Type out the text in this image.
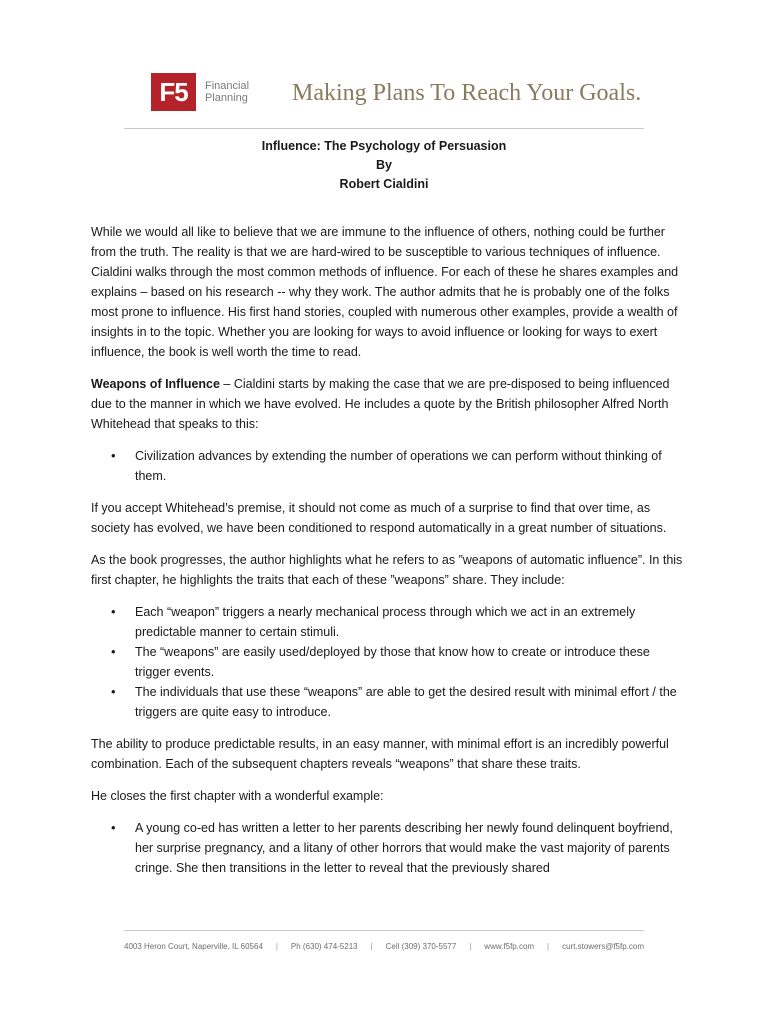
F5	Financial
Planning	Making Plans To Reach Your Goals.
Influence: The Psychology of Persuasion
By
Robert Cialdini

While we would all like to believe that we are immune to the influence of others, nothing could be further from the truth. The reality is that we are hard-wired to be susceptible to various techniques of influence. Cialdini walks through the most common methods of influence. For each of these he shares examples and explains – based on his research -- why they work. The author admits that he is probably one of the folks most prone to influence. His first hand stories, coupled with numerous other examples, provide a wealth of insights in to the topic. Whether you are looking for ways to avoid influence or looking for ways to exert influence, the book is well worth the time to read.

Weapons of Influence – Cialdini starts by making the case that we are pre-disposed to being influenced due to the manner in which we have evolved. He includes a quote by the British philosopher Alfred North Whitehead that speaks to this:

• Civilization advances by extending the number of operations we can perform without thinking of them.

If you accept Whitehead’s premise, it should not come as much of a surprise to find that over time, as society has evolved, we have been conditioned to respond automatically in a great number of situations.

As the book progresses, the author highlights what he refers to as ”weapons of automatic influence”. In this first chapter, he highlights the traits that each of these ”weapons” share. They include:

• Each “weapon” triggers a nearly mechanical process through which we act in an extremely predictable manner to certain stimuli.
• The “weapons” are easily used/deployed by those that know how to create or introduce these trigger events.
• The individuals that use these “weapons” are able to get the desired result with minimal effort / the triggers are quite easy to introduce.

The ability to produce predictable results, in an easy manner, with minimal effort is an incredibly powerful combination. Each of the subsequent chapters reveals “weapons” that share these traits.

He closes the first chapter with a wonderful example:

• A young co-ed has written a letter to her parents describing her newly found delinquent boyfriend, her surprise pregnancy, and a litany of other horrors that would make the vast majority of parents cringe. She then transitions in the letter to reveal that the previously shared
4003 Heron Court, Naperville, IL 60564 | Ph (630) 474-5213 | Cell (309) 370-5577 | www.f5fp.com | curt.stowers@f5fp.com
